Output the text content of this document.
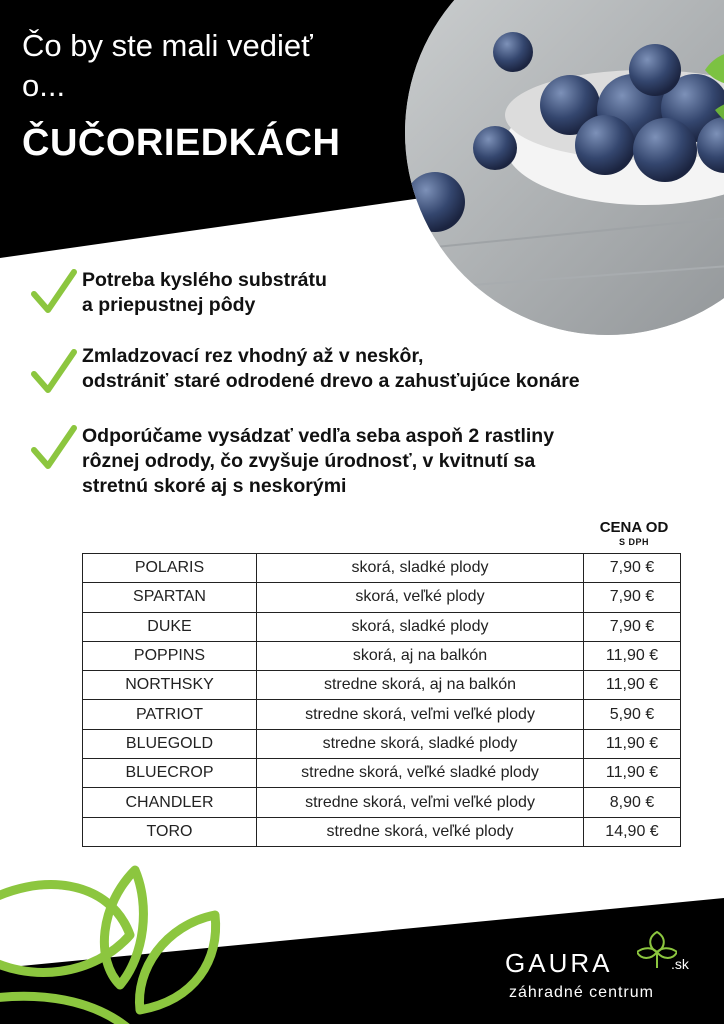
Čo by ste mali vedieť o...
ČUČORIEDKÁCH
Potreba kyslého substrátu
a priepustnej pôdy
Zmladzovací rez vhodný až v neskôr,
odstrániť staré odrodené drevo a zahusťujúce konáre
Odporúčame vysádzať vedľa seba aspoň 2 rastliny
rôznej odrody, čo zvyšuje úrodnosť, v kvitnutí sa
stretnú skoré aj s neskorými
CENA OD
S DPH
POLARIS	skorá, sladké plody	7,90 €
SPARTAN	skorá, veľké plody	7,90 €
DUKE	skorá, sladké plody	7,90 €
POPPINS	skorá, aj na balkón	11,90 €
NORTHSKY	stredne skorá, aj na balkón	11,90 €
PATRIOT	stredne skorá, veľmi veľké plody	5,90 €
BLUEGOLD	stredne skorá, sladké plody	11,90 €
BLUECROP	stredne skorá, veľké sladké plody	11,90 €
CHANDLER	stredne skorá, veľmi veľké plody	8,90 €
TORO	stredne skorá, veľké plody	14,90 €
GAURA	.sk
záhradné centrum
